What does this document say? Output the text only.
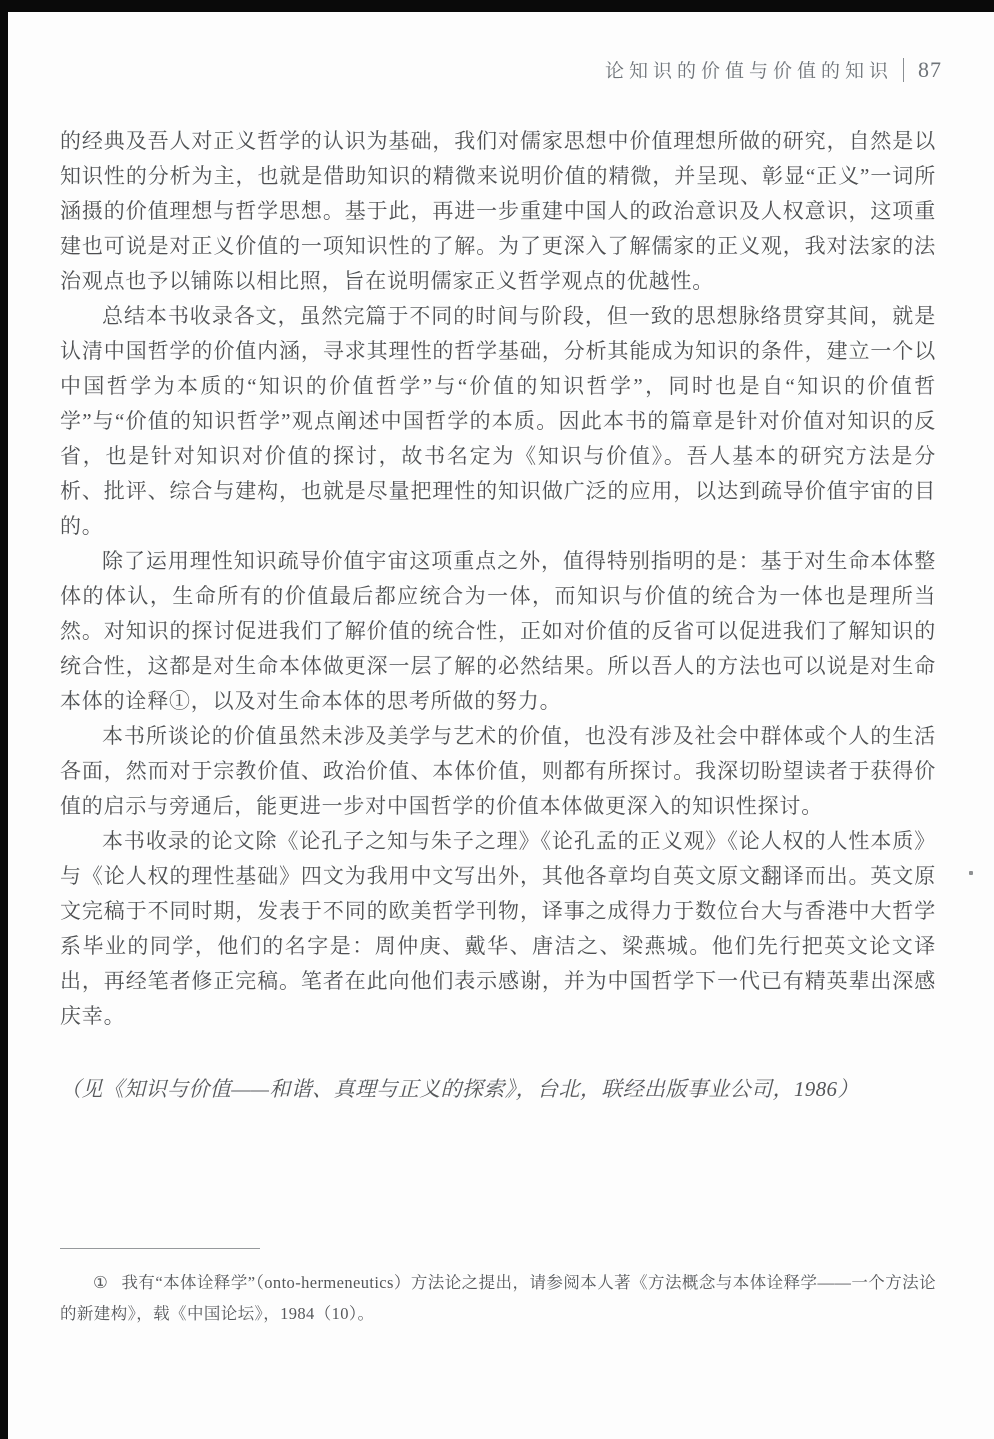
论知识的价值与价值的知识 87

的经典及吾人对正义哲学的认识为基础，我们对儒家思想中价值理想所做的研究，自然是以知识性的分析为主，也就是借助知识的精微来说明价值的精微，并呈现、彰显“正义”一词所涵摄的价值理想与哲学思想。基于此，再进一步重建中国人的政治意识及人权意识，这项重建也可说是对正义价值的一项知识性的了解。为了更深入了解儒家的正义观，我对法家的法治观点也予以铺陈以相比照，旨在说明儒家正义哲学观点的优越性。

总结本书收录各文，虽然完篇于不同的时间与阶段，但一致的思想脉络贯穿其间，就是认清中国哲学的价值内涵，寻求其理性的哲学基础，分析其能成为知识的条件，建立一个以中国哲学为本质的“知识的价值哲学”与“价值的知识哲学”，同时也是自“知识的价值哲学”与“价值的知识哲学”观点阐述中国哲学的本质。因此本书的篇章是针对价值对知识的反省，也是针对知识对价值的探讨，故书名定为《知识与价值》。吾人基本的研究方法是分析、批评、综合与建构，也就是尽量把理性的知识做广泛的应用，以达到疏导价值宇宙的目的。

除了运用理性知识疏导价值宇宙这项重点之外，值得特别指明的是：基于对生命本体整体的体认，生命所有的价值最后都应统合为一体，而知识与价值的统合为一体也是理所当然。对知识的探讨促进我们了解价值的统合性，正如对价值的反省可以促进我们了解知识的统合性，这都是对生命本体做更深一层了解的必然结果。所以吾人的方法也可以说是对生命本体的诠释①，以及对生命本体的思考所做的努力。

本书所谈论的价值虽然未涉及美学与艺术的价值，也没有涉及社会中群体或个人的生活各面，然而对于宗教价值、政治价值、本体价值，则都有所探讨。我深切盼望读者于获得价值的启示与旁通后，能更进一步对中国哲学的价值本体做更深入的知识性探讨。

本书收录的论文除《论孔子之知与朱子之理》《论孔孟的正义观》《论人权的人性本质》与《论人权的理性基础》四文为我用中文写出外，其他各章均自英文原文翻译而出。英文原文完稿于不同时期，发表于不同的欧美哲学刊物，译事之成得力于数位台大与香港中大哲学系毕业的同学，他们的名字是：周仲庚、戴华、唐洁之、梁燕城。他们先行把英文论文译出，再经笔者修正完稿。笔者在此向他们表示感谢，并为中国哲学下一代已有精英辈出深感庆幸。

（见《知识与价值——和谐、真理与正义的探索》，台北，联经出版事业公司，1986）

① 我有“本体诠释学”（onto-hermeneutics）方法论之提出，请参阅本人著《方法概念与本体诠释学——一个方法论的新建构》，载《中国论坛》，1984（10）。
